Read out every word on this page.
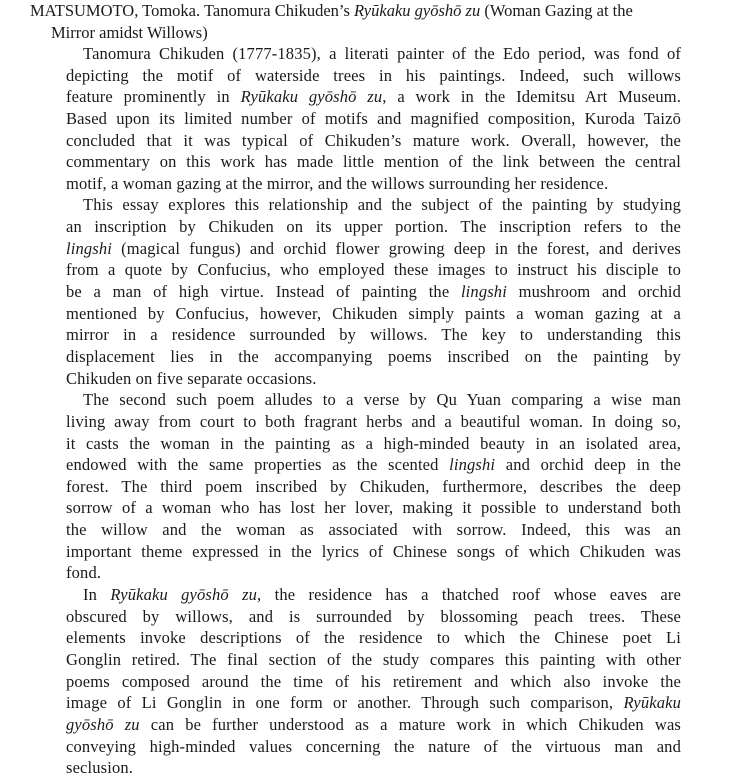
MATSUMOTO, Tomoka. Tanomura Chikuden’s Ryūkaku gyōshō zu (Woman Gazing at the
Mirror amidst Willows)
Tanomura Chikuden (1777-1835), a literati painter of the Edo period, was fond of
depicting the motif of waterside trees in his paintings. Indeed, such willows
feature prominently in Ryūkaku gyōshō zu, a work in the Idemitsu Art Museum.
Based upon its limited number of motifs and magnified composition, Kuroda Taizō
concluded that it was typical of Chikuden’s mature work. Overall, however, the
commentary on this work has made little mention of the link between the central
motif, a woman gazing at the mirror, and the willows surrounding her residence.
This essay explores this relationship and the subject of the painting by studying
an inscription by Chikuden on its upper portion. The inscription refers to the
lingshi (magical fungus) and orchid flower growing deep in the forest, and derives
from a quote by Confucius, who employed these images to instruct his disciple to
be a man of high virtue. Instead of painting the lingshi mushroom and orchid
mentioned by Confucius, however, Chikuden simply paints a woman gazing at a
mirror in a residence surrounded by willows. The key to understanding this
displacement lies in the accompanying poems inscribed on the painting by
Chikuden on five separate occasions.
The second such poem alludes to a verse by Qu Yuan comparing a wise man
living away from court to both fragrant herbs and a beautiful woman. In doing so,
it casts the woman in the painting as a high-minded beauty in an isolated area,
endowed with the same properties as the scented lingshi and orchid deep in the
forest. The third poem inscribed by Chikuden, furthermore, describes the deep
sorrow of a woman who has lost her lover, making it possible to understand both
the willow and the woman as associated with sorrow. Indeed, this was an
important theme expressed in the lyrics of Chinese songs of which Chikuden was
fond.
In Ryūkaku gyōshō zu, the residence has a thatched roof whose eaves are
obscured by willows, and is surrounded by blossoming peach trees. These
elements invoke descriptions of the residence to which the Chinese poet Li
Gonglin retired. The final section of the study compares this painting with other
poems composed around the time of his retirement and which also invoke the
image of Li Gonglin in one form or another. Through such comparison, Ryūkaku
gyōshō zu can be further understood as a mature work in which Chikuden was
conveying high-minded values concerning the nature of the virtuous man and
seclusion.
